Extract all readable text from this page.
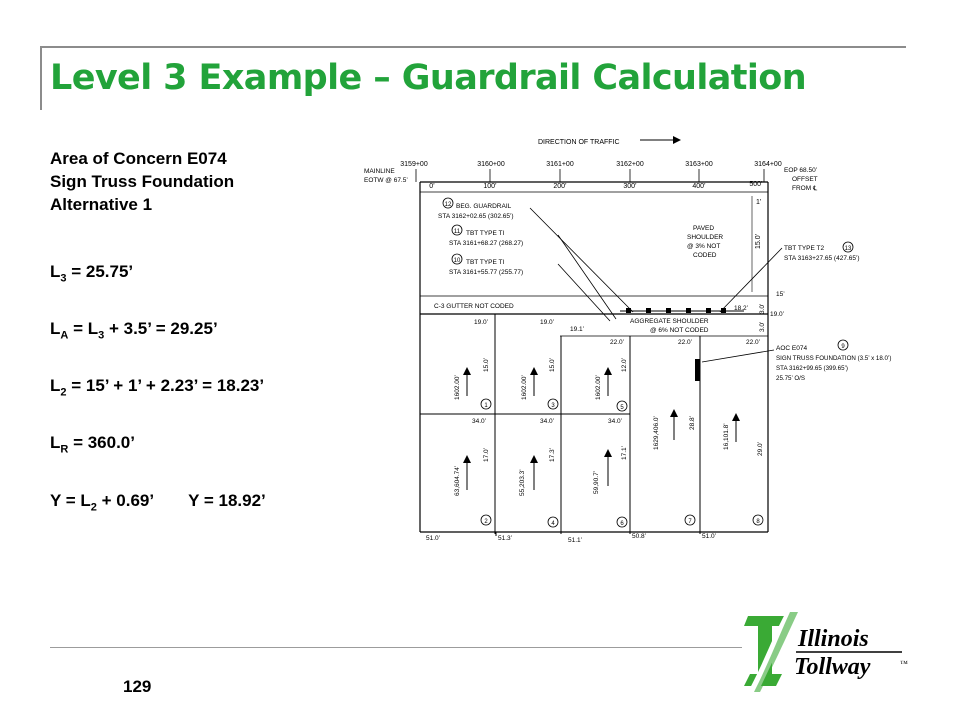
Level 3 Example – Guardrail Calculation
Area of Concern E074
Sign Truss Foundation
Alternative 1
$L_3 = 25.75$’
$L_A = L_3 + 3.5$’ = 29.25’
$L_2 = 15$’ + 1’ + 2.23’ = 18.23’
$L_R = 360.0$’
$Y = L_2 + 0.69$’ Y = 18.92’
DIRECTION OF TRAFFIC
3159+00	3160+00	3161+00	3162+00	3163+00	3164+00
0’	100’	200’	300’	400’	500’
MAINLINE
EOTW @ 67.5’
EOP 68.50’
OFFSET
FROM ℄
1’
PAVED
SHOULDER
@ 3% NOT
CODED
15.0’
12 BEG. GUARDRAIL
STA 3162+02.65 (302.65’)
11 TBT TYPE TI
STA 3161+68.27 (268.27)
10 TBT TYPE TI
STA 3161+55.77 (255.77)
TBT TYPE T2	13
STA 3163+27.65 (427.65’)
C-3 GUTTER NOT CODED	18.2’ 3.0’
15’
19.0’
3.0’
AGGREGATE SHOULDER
@ 6% NOT CODED
19.0’	19.0’
19.1’
22.0’	22.0’	22.0’
34.0’	34.0’	34.0’
51.0’	51.3’	51.1’
50.8’	51.0’
1602.00’
15.0’
1
1602.00’
15.0’
3
1602.00’
12.0’
5
63,604.74’
17.0’
2
55,203.3’
17.3’
4
59,90.7’
17.1’
6
1629,406.0’	28.8’
7
16,101.8’	29.0’
8
AOC E074	9
SIGN TRUSS FOUNDATION (3.5’ x 18.0’)
STA 3162+99.65 (399.65’)
25.75’ O/S
129
Illinois
Tollway	™
